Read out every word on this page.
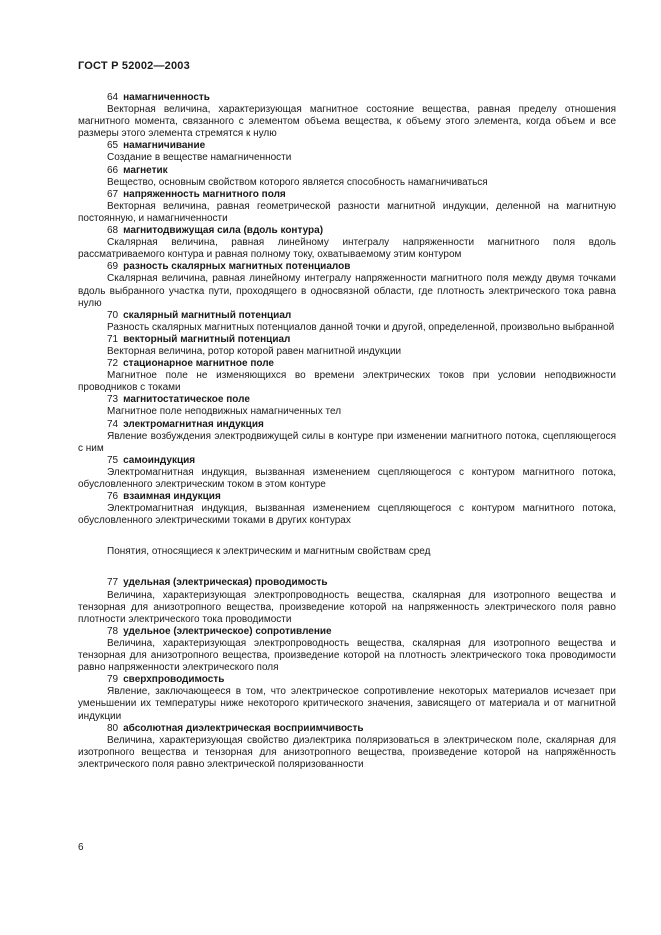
ГОСТ Р 52002—2003

64 намагниченность

Векторная величина, характеризующая магнитное состояние вещества, равная пределу отношения магнитного момента, связанного с элементом объема вещества, к объему этого элемента, когда объем и все размеры этого элемента стремятся к нулю

65 намагничивание

Создание в веществе намагниченности

66 магнетик

Вещество, основным свойством которого является способность намагничиваться

67 напряженность магнитного поля

Векторная величина, равная геометрической разности магнитной индукции, деленной на магнитную постоянную, и намагниченности

68 магнитодвижущая сила (вдоль контура)

Скалярная величина, равная линейному интегралу напряженности магнитного поля вдоль рассматриваемого контура и равная полному току, охватываемому этим контуром

69 разность скалярных магнитных потенциалов

Скалярная величина, равная линейному интегралу напряженности магнитного поля между двумя точками вдоль выбранного участка пути, проходящего в односвязной области, где плотность электрического тока равна нулю

70 скалярный магнитный потенциал

Разность скалярных магнитных потенциалов данной точки и другой, определенной, произвольно выбранной

71 векторный магнитный потенциал

Векторная величина, ротор которой равен магнитной индукции

72 стационарное магнитное поле

Магнитное поле не изменяющихся во времени электрических токов при условии неподвижности проводников с токами

73 магнитостатическое поле

Магнитное поле неподвижных намагниченных тел

74 электромагнитная индукция

Явление возбуждения электродвижущей силы в контуре при изменении магнитного потока, сцепляющегося с ним

75 самоиндукция

Электромагнитная индукция, вызванная изменением сцепляющегося с контуром магнитного потока, обусловленного электрическим током в этом контуре

76 взаимная индукция

Электромагнитная индукция, вызванная изменением сцепляющегося с контуром магнитного потока, обусловленного электрическими токами в других контурах

Понятия, относящиеся к электрическим и магнитным свойствам сред

77 удельная (электрическая) проводимость

Величина, характеризующая электропроводность вещества, скалярная для изотропного вещества и тензорная для анизотропного вещества, произведение которой на напряженность электрического поля равно плотности электрического тока проводимости

78 удельное (электрическое) сопротивление

Величина, характеризующая электропроводность вещества, скалярная для изотропного вещества и тензорная для анизотропного вещества, произведение которой на плотность электрического тока проводимости равно напряженности электрического поля

79 сверхпроводимость

Явление, заключающееся в том, что электрическое сопротивление некоторых материалов исчезает при уменьшении их температуры ниже некоторого критического значения, зависящего от материала и от магнитной индукции

80 абсолютная диэлектрическая восприимчивость

Величина, характеризующая свойство диэлектрика поляризоваться в электрическом поле, скалярная для изотропного вещества и тензорная для анизотропного вещества, произведение которой на напряжённость электрического поля равно электрической поляризованности

6
